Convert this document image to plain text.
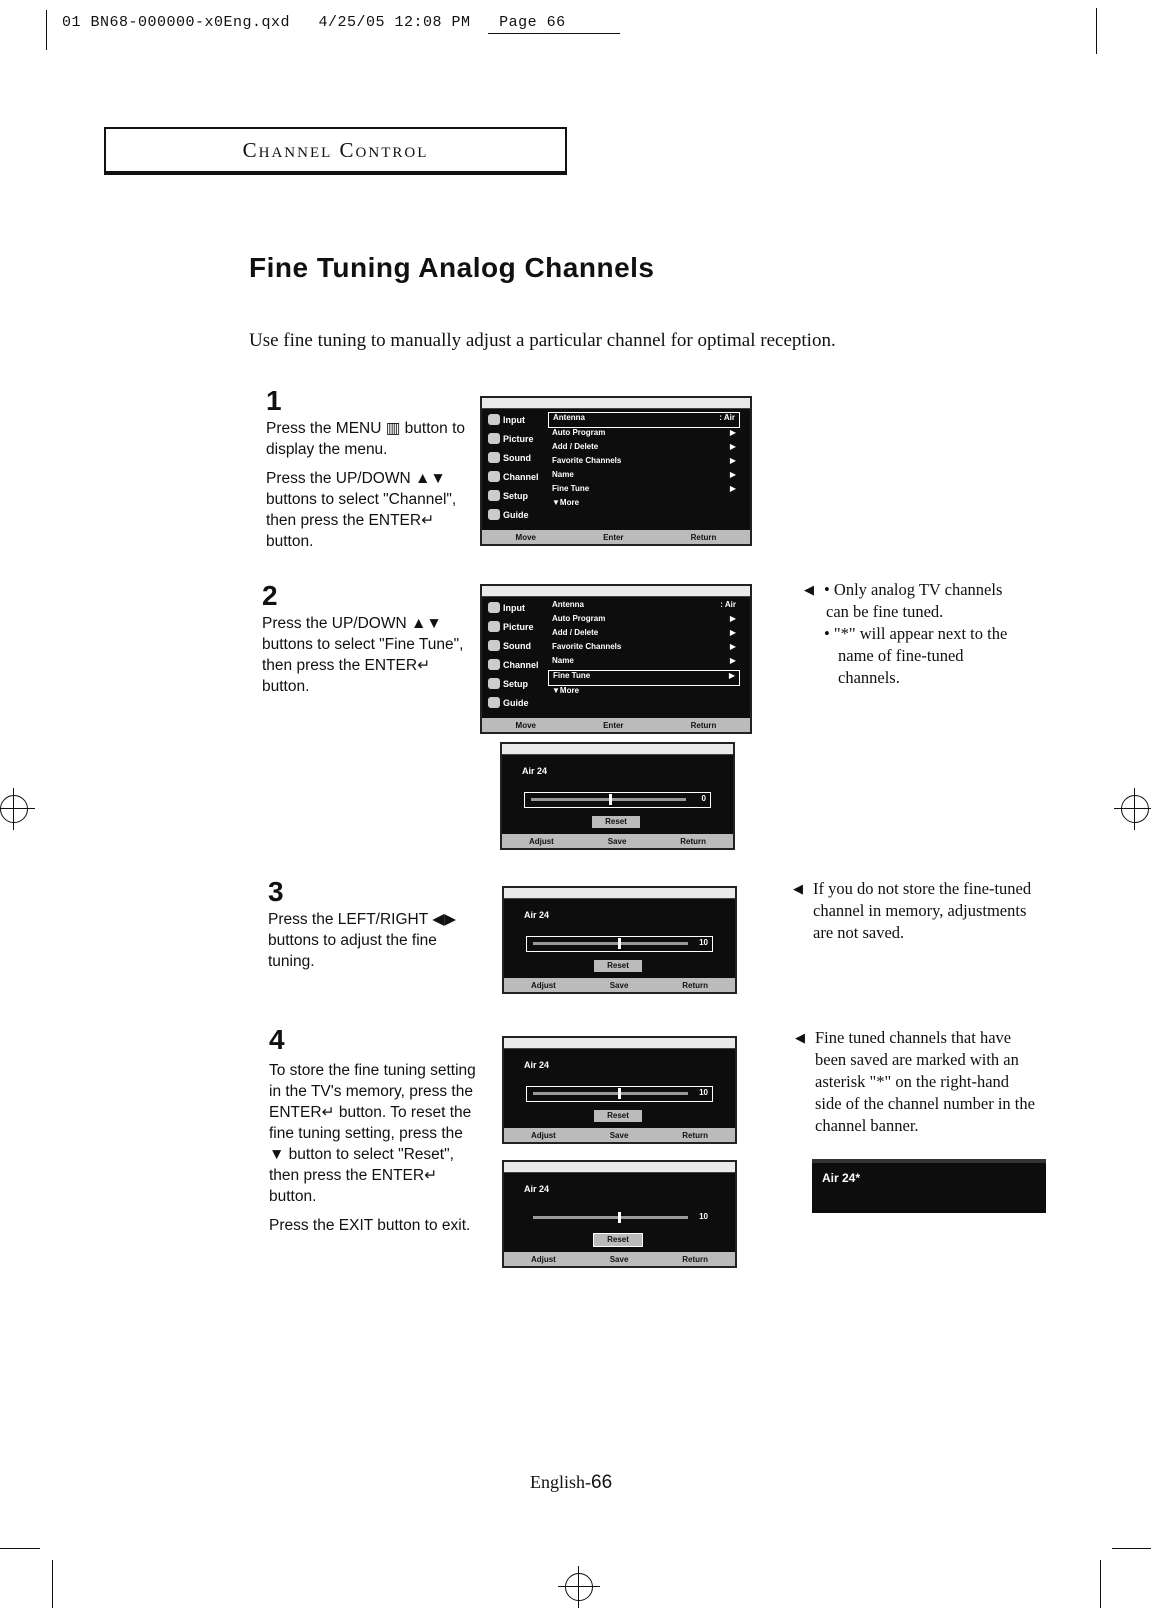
01 BN68-000000-x0Eng.qxd   4/25/05 12:08 PM   Page 66
Channel Control
Fine Tuning Analog Channels
Use fine tuning to manually adjust a particular channel for optimal reception.
1

Press the MENU ▥ button to display the menu.

Press the UP/DOWN ▲▼ buttons to select "Channel", then press the ENTER↵ button.

Input
Picture
Sound
Channel
Setup
Guide
Antenna	: Air
Auto Program	▶
Add / Delete	▶
Favorite Channels	▶
Name	▶
Fine Tune	▶
▼More
Move	Enter	Return
2

Press the UP/DOWN ▲▼ buttons to select "Fine Tune", then press the ENTER↵ button.

Input
Picture
Sound
Channel
Setup
Guide
Antenna	: Air
Auto Program	▶
Add / Delete	▶
Favorite Channels	▶
Name	▶
Fine Tune	▶
▼More
Move	Enter	Return
Air 24
0
Reset
Adjust	Save	Return
◀ • Only analog TV channels
can be fine tuned.
• "*" will appear next to the
name of fine-tuned
channels.
3

Press the LEFT/RIGHT ◀▶ buttons to adjust the fine tuning.

Air 24
10
Reset
Adjust	Save	Return
◀ If you do not store the fine-tuned
channel in memory, adjustments
are not saved.
4

To store the fine tuning setting in the TV's memory, press the ENTER↵ button. To reset the fine tuning setting, press the ▼ button to select "Reset", then press the ENTER↵ button.

Press the EXIT button to exit.

Air 24
10
Reset
Adjust	Save	Return
Air 24
10
Reset
Adjust	Save	Return
◀ Fine tuned channels that have
been saved are marked with an
asterisk "*" on the right-hand
side of the channel number in the
channel banner.
Air 24*
English-66
